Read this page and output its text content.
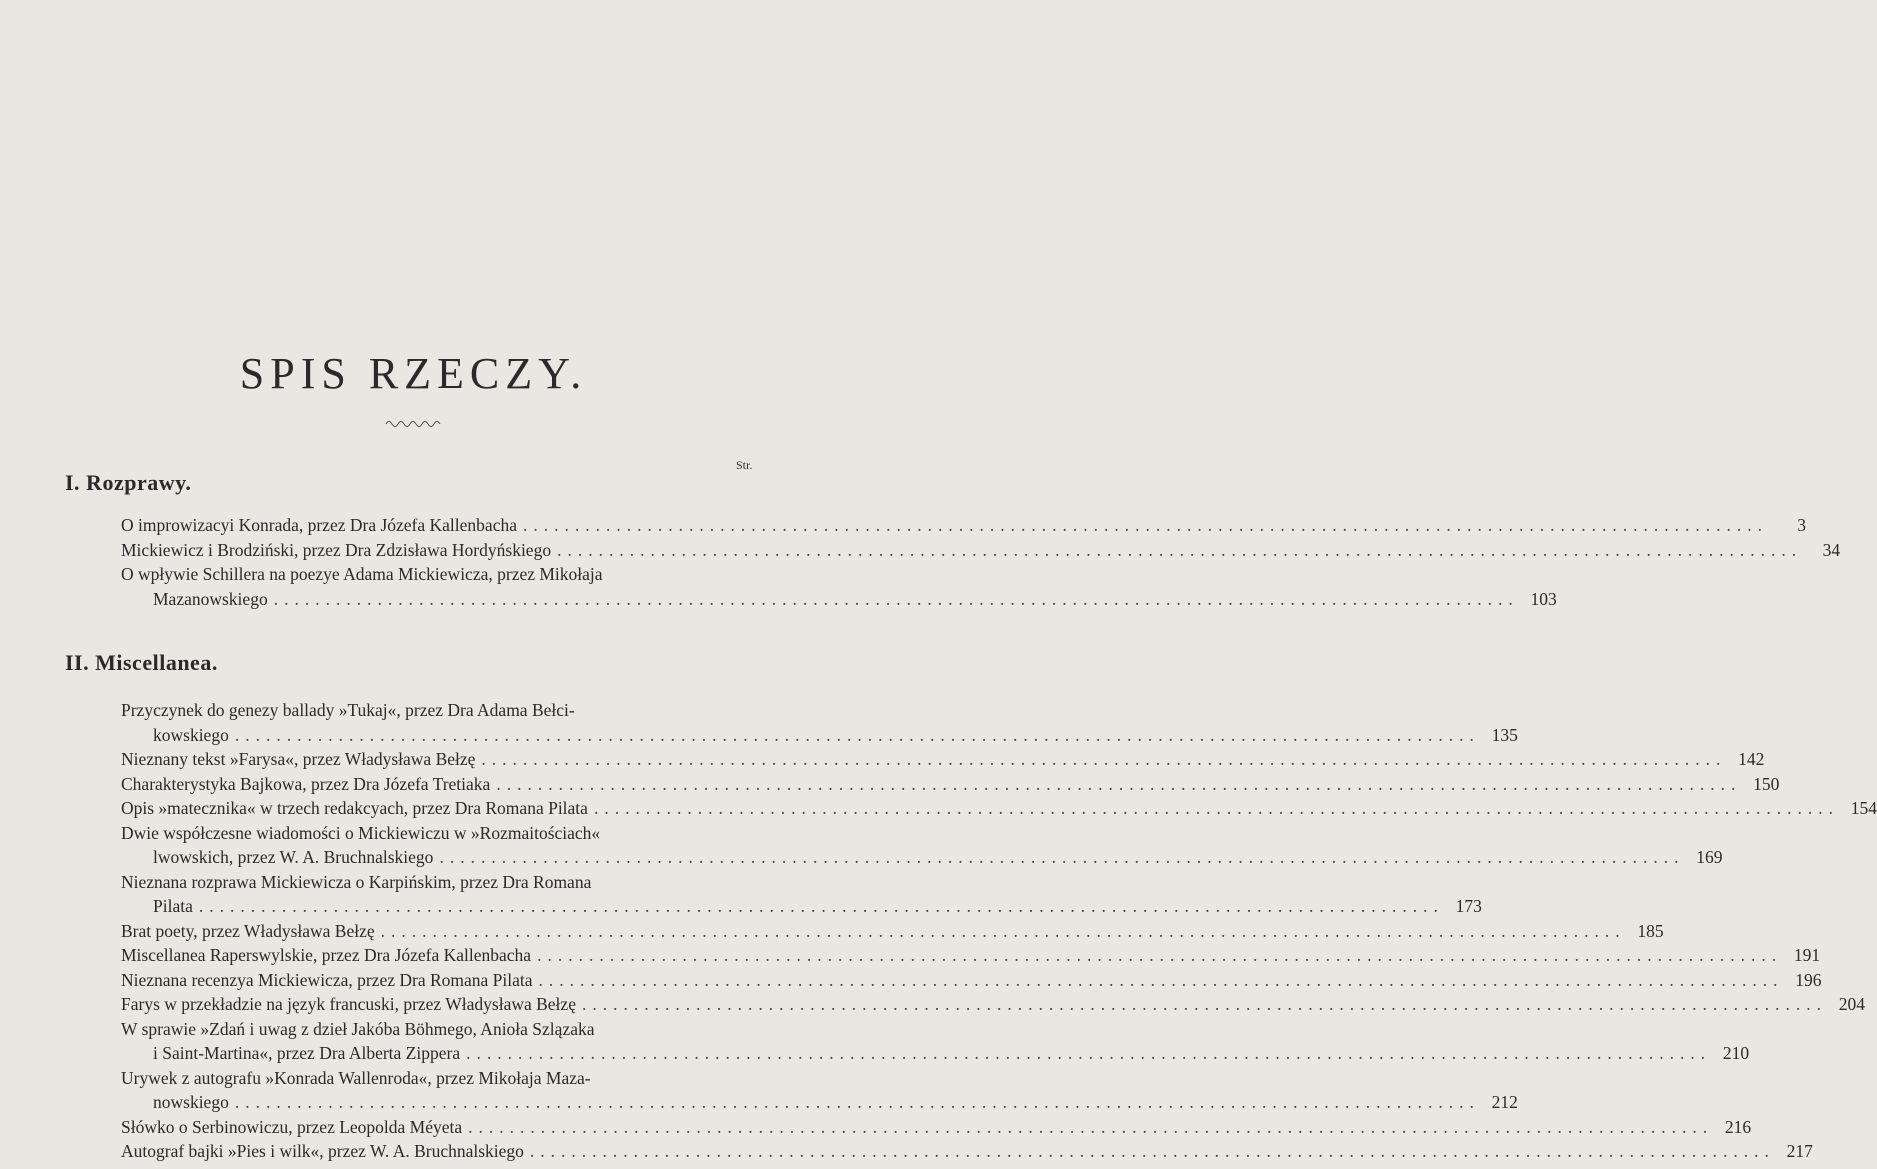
SPIS RZECZY.
Str.
I. Rozprawy.
O improwizacyi Konrada, przez Dra Józefa Kallenbacha ........................................................................................................................	3
Mickiewicz i Brodziński, przez Dra Zdzisława Hordyńskiego ........................................................................................................................	34
O wpływie Schillera na poezye Adama Mickiewicza, przez Mikołaja
Mazanowskiego ........................................................................................................................ 103
II. Miscellanea.
Przyczynek do genezy ballady »Tukaj«, przez Dra Adama Bełci-
kowskiego ........................................................................................................................ 135
Nieznany tekst »Farysa«, przez Władysława Bełzę ........................................................................................................................ 142
Charakterystyka Bajkowa, przez Dra Józefa Tretiaka ........................................................................................................................ 150
Opis »matecznika« w trzech redakcyach, przez Dra Romana Pilata ........................................................................................................................ 154
Dwie współczesne wiadomości o Mickiewiczu w »Rozmaitościach«
lwowskich, przez W. A. Bruchnalskiego ........................................................................................................................ 169
Nieznana rozprawa Mickiewicza o Karpińskim, przez Dra Romana
Pilata ........................................................................................................................ 173
Brat poety, przez Władysława Bełzę ........................................................................................................................ 185
Miscellanea Raperswylskie, przez Dra Józefa Kallenbacha ........................................................................................................................ 191
Nieznana recenzya Mickiewicza, przez Dra Romana Pilata ........................................................................................................................ 196
Farys w przekładzie na język francuski, przez Władysława Bełzę ........................................................................................................................ 204
W sprawie »Zdań i uwag z dzieł Jakóba Böhmego, Anioła Szlązaka
i Saint-Martina«, przez Dra Alberta Zippera ........................................................................................................................ 210
Urywek z autografu »Konrada Wallenroda«, przez Mikołaja Maza-
nowskiego ........................................................................................................................ 212
Słówko o Serbinowiczu, przez Leopolda Méyeta ........................................................................................................................ 216
Autograf bajki »Pies i wilk«, przez W. A. Bruchnalskiego ........................................................................................................................ 217
